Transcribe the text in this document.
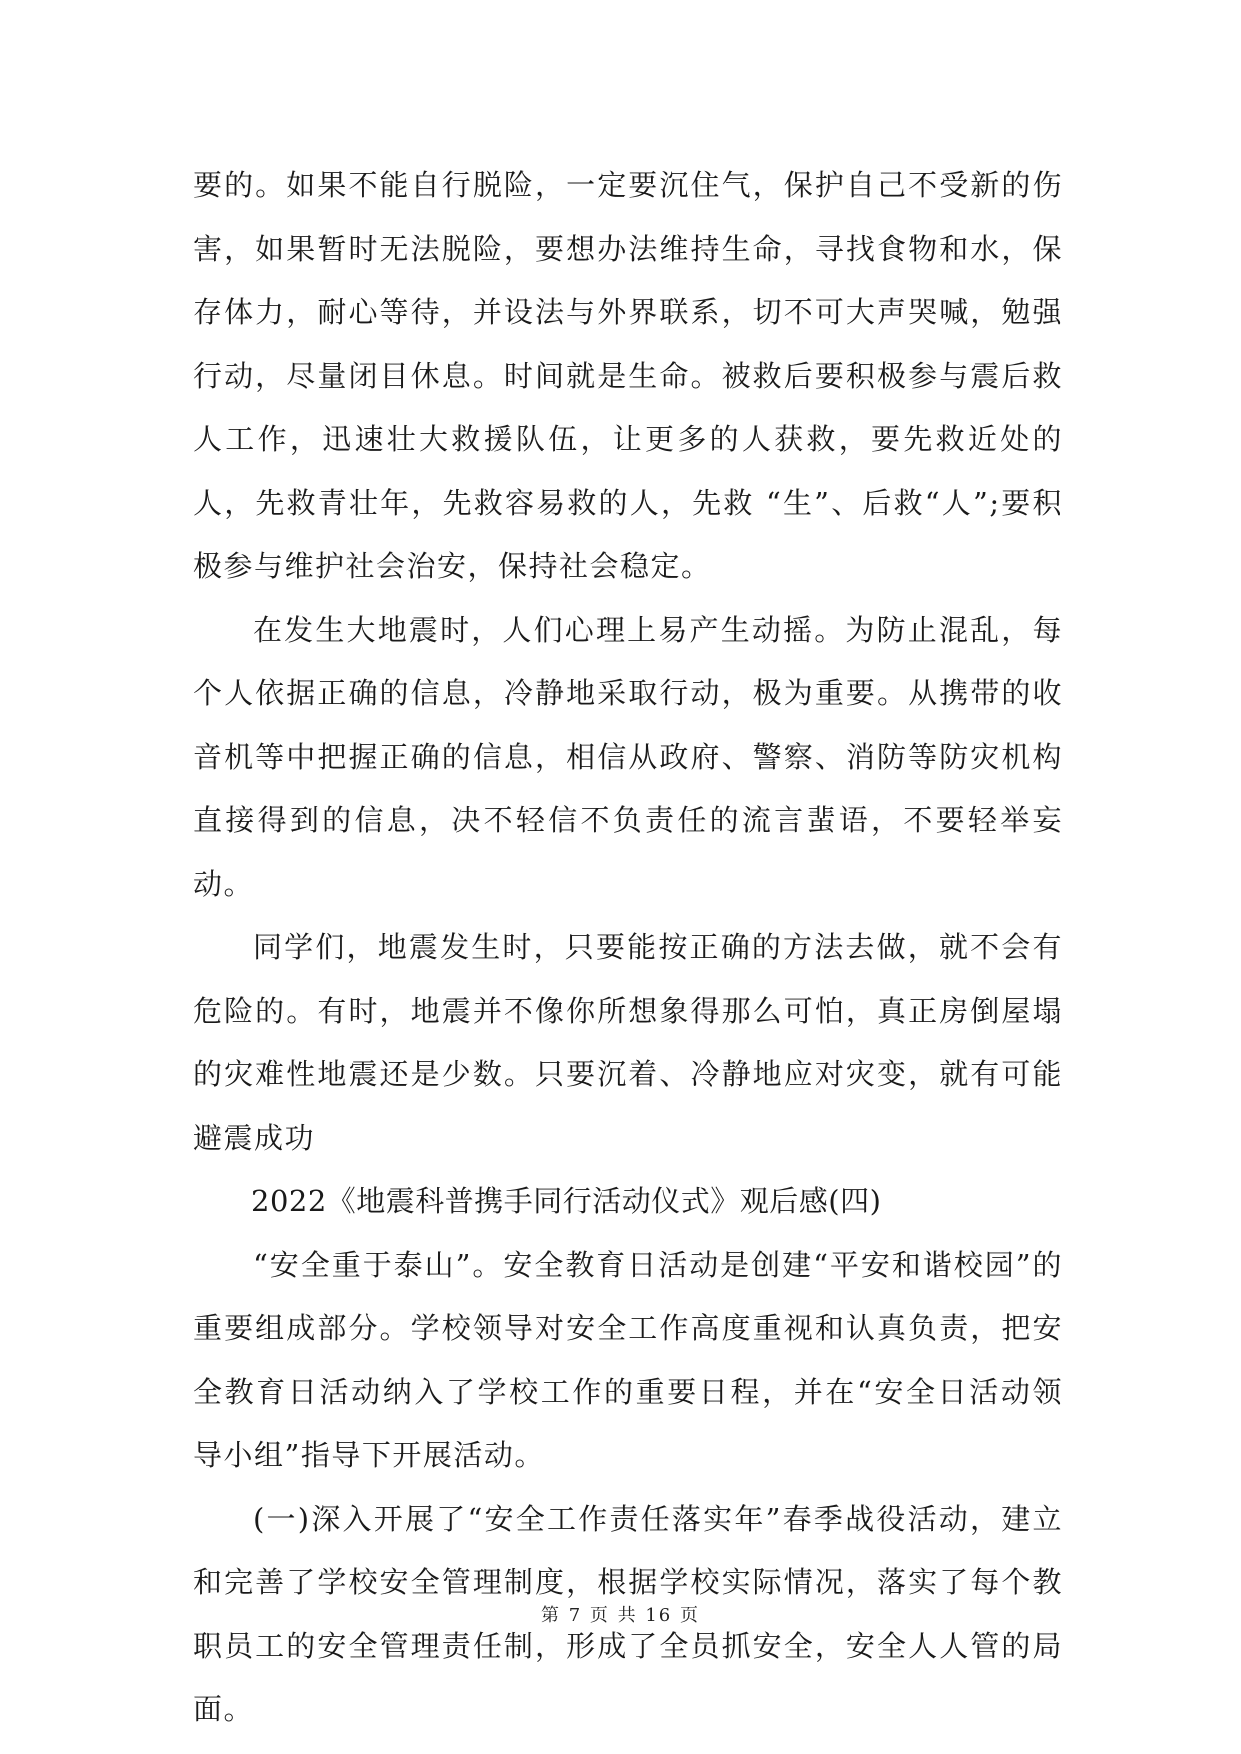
要的。如果不能自行脱险，一定要沉住气，保护自己不受新的伤害，如果暂时无法脱险，要想办法维持生命，寻找食物和水，保存体力，耐心等待，并设法与外界联系，切不可大声哭喊，勉强行动，尽量闭目休息。时间就是生命。被救后要积极参与震后救人工作，迅速壮大救援队伍，让更多的人获救，要先救近处的人，先救青壮年，先救容易救的人，先救 “生”、后救“人”;要积极参与维护社会治安，保持社会稳定。

在发生大地震时，人们心理上易产生动摇。为防止混乱，每个人依据正确的信息，冷静地采取行动，极为重要。从携带的收音机等中把握正确的信息，相信从政府、警察、消防等防灾机构直接得到的信息，决不轻信不负责任的流言蜚语，不要轻举妄动。

同学们，地震发生时，只要能按正确的方法去做，就不会有危险的。有时，地震并不像你所想象得那么可怕，真正房倒屋塌的灾难性地震还是少数。只要沉着、冷静地应对灾变，就有可能避震成功

2022《地震科普携手同行活动仪式》观后感(四)

“安全重于泰山”。安全教育日活动是创建“平安和谐校园”的重要组成部分。学校领导对安全工作高度重视和认真负责，把安全教育日活动纳入了学校工作的重要日程，并在“安全日活动领导小组”指导下开展活动。

(一)深入开展了“安全工作责任落实年”春季战役活动，建立和完善了学校安全管理制度，根据学校实际情况，落实了每个教职员工的安全管理责任制，形成了全员抓安全，安全人人管的局面。

第 7 页 共 16 页
